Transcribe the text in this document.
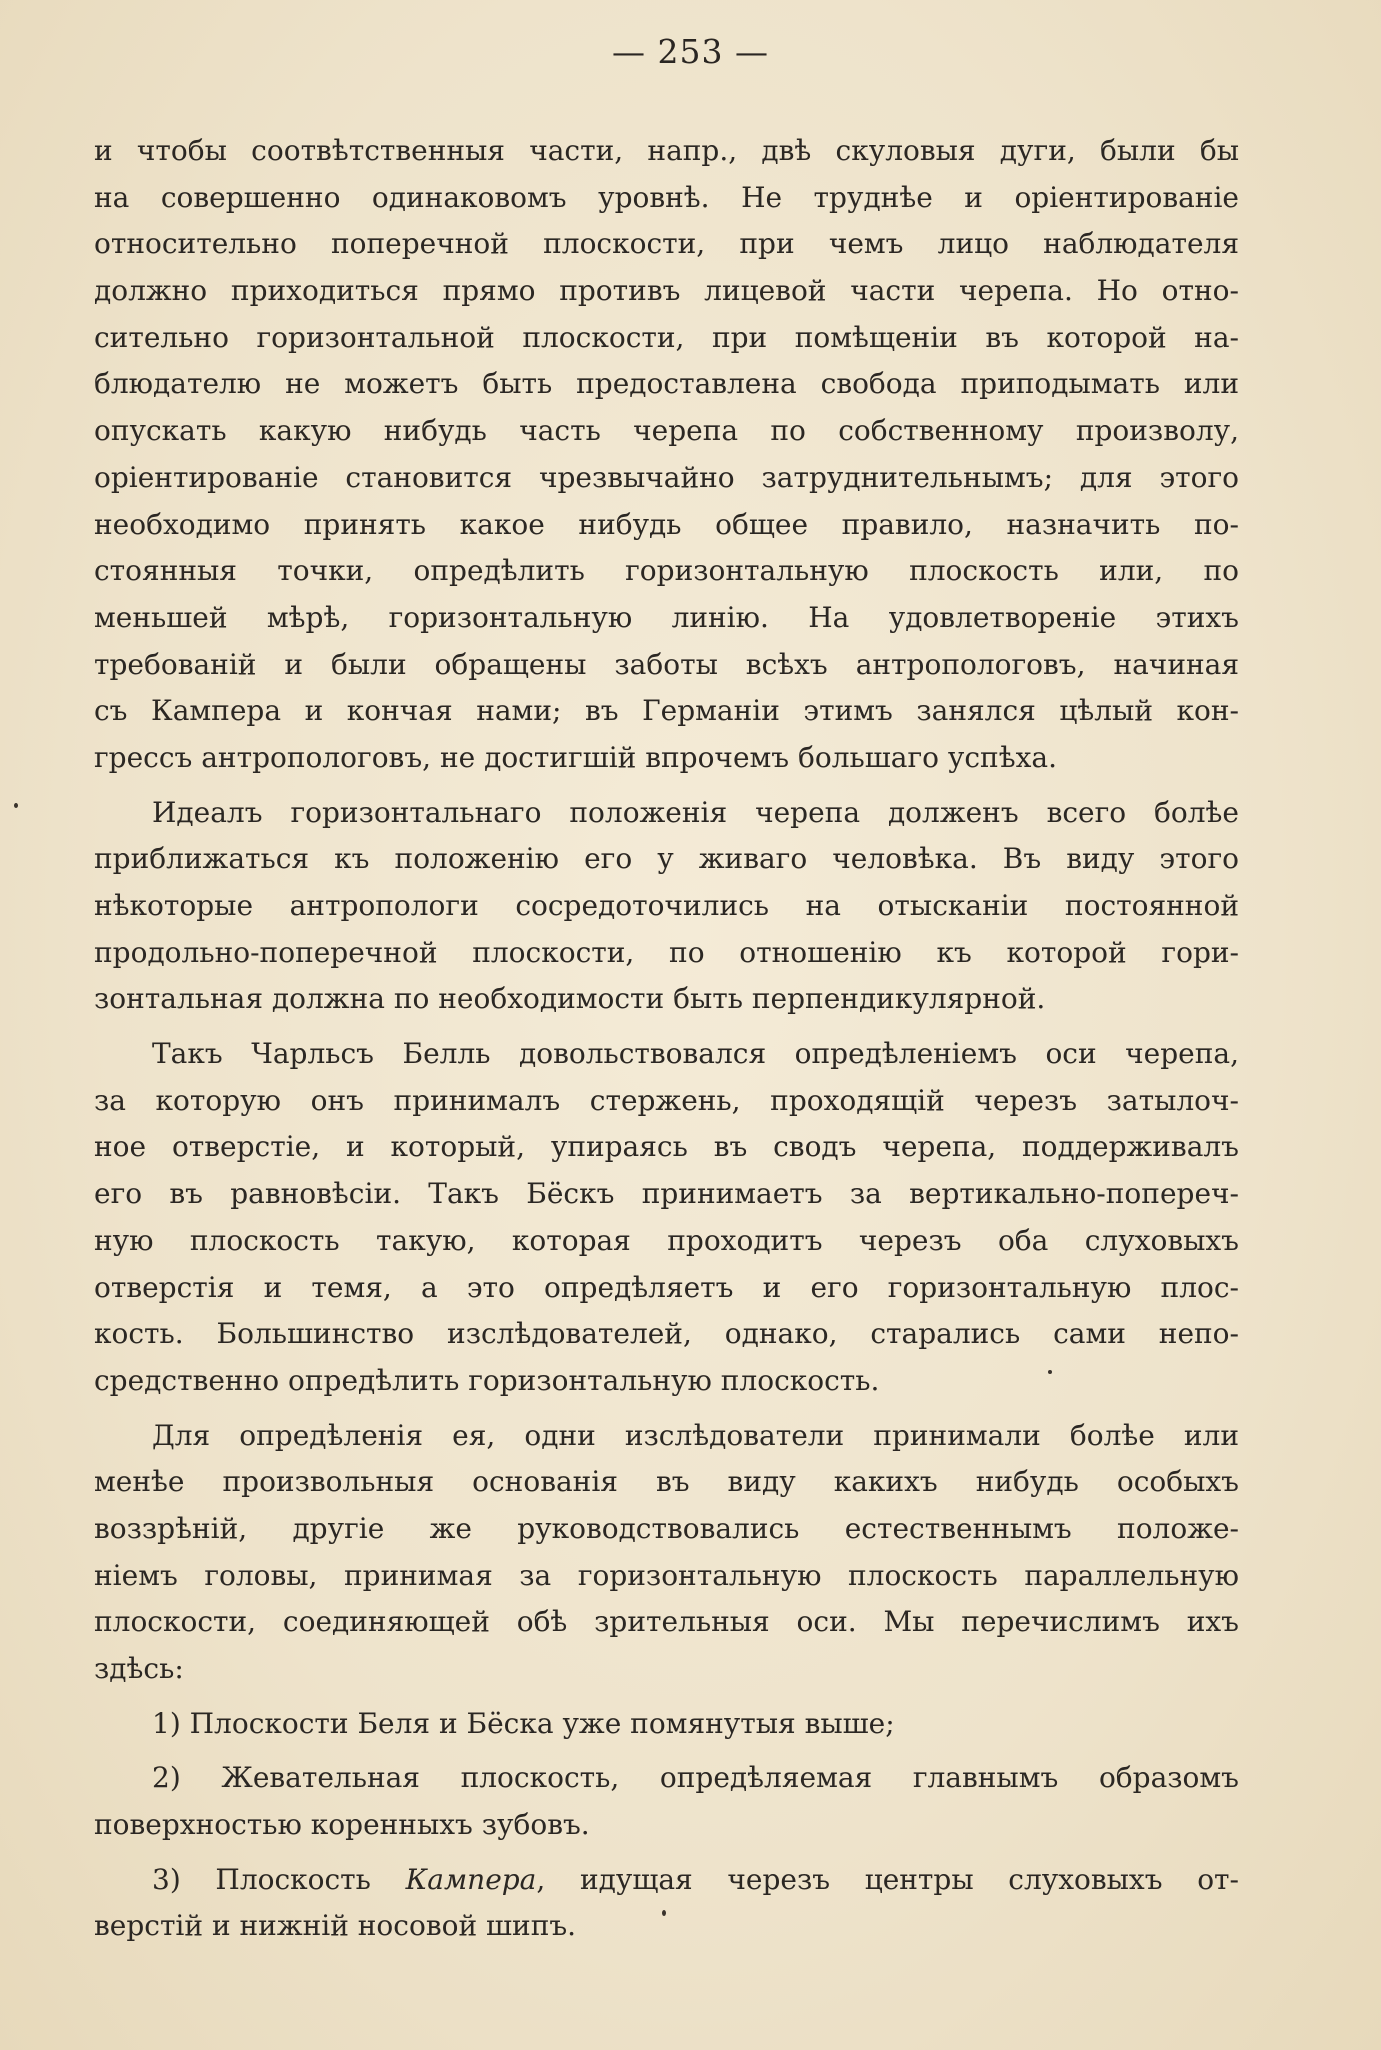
— 253 —
и чтобы соотвѣтственныя части, напр., двѣ скуловыя дуги, были бы
на совершенно одинаковомъ уровнѣ. Не труднѣе и оріентированіе
относительно поперечной плоскости, при чемъ лицо наблюдателя
должно приходиться прямо противъ лицевой части черепа. Но отно-
сительно горизонтальной плоскости, при помѣщеніи въ которой на-
блюдателю не можетъ быть предоставлена свобода приподымать или
опускать какую нибудь часть черепа по собственному произволу,
оріентированіе становится чрезвычайно затруднительнымъ; для этого
необходимо принять какое нибудь общее правило, назначить по-
стоянныя точки, опредѣлить горизонтальную плоскость или, по
меньшей мѣрѣ, горизонтальную линію. На удовлетвореніе этихъ
требованій и были обращены заботы всѣхъ антропологовъ, начиная
съ Кампера и кончая нами; въ Германіи этимъ занялся цѣлый кон-
грессъ антропологовъ, не достигшій впрочемъ большаго успѣха.
Идеалъ горизонтальнаго положенія черепа долженъ всего болѣе
приближаться къ положенію его у живаго человѣка. Въ виду этого
нѣкоторые антропологи сосредоточились на отысканіи постоянной
продольно-поперечной плоскости, по отношенію къ которой гори-
зонтальная должна по необходимости быть перпендикулярной.
Такъ Чарльсъ Белль довольствовался опредѣленіемъ оси черепа,
за которую онъ принималъ стержень, проходящій черезъ затылоч-
ное отверстіе, и который, упираясь въ сводъ черепа, поддерживалъ
его въ равновѣсіи. Такъ Бёскъ принимаетъ за вертикально-попереч-
ную плоскость такую, которая проходитъ черезъ оба слуховыхъ
отверстія и темя, а это опредѣляетъ и его горизонтальную плос-
кость. Большинство изслѣдователей, однако, старались сами непо-
средственно опредѣлить горизонтальную плоскость.
Для опредѣленія ея, одни изслѣдователи принимали болѣе или
менѣе произвольныя основанія въ виду какихъ нибудь особыхъ
воззрѣній, другіе же руководствовались естественнымъ положе-
ніемъ головы, принимая за горизонтальную плоскость параллельную
плоскости, соединяющей обѣ зрительныя оси. Мы перечислимъ ихъ
здѣсь:
1) Плоскости Беля и Бёска уже помянутыя выше;
2) Жевательная плоскость, опредѣляемая главнымъ образомъ
поверхностью коренныхъ зубовъ.
3) Плоскость Кампера, идущая черезъ центры слуховыхъ от-
верстій и нижній носовой шипъ.
